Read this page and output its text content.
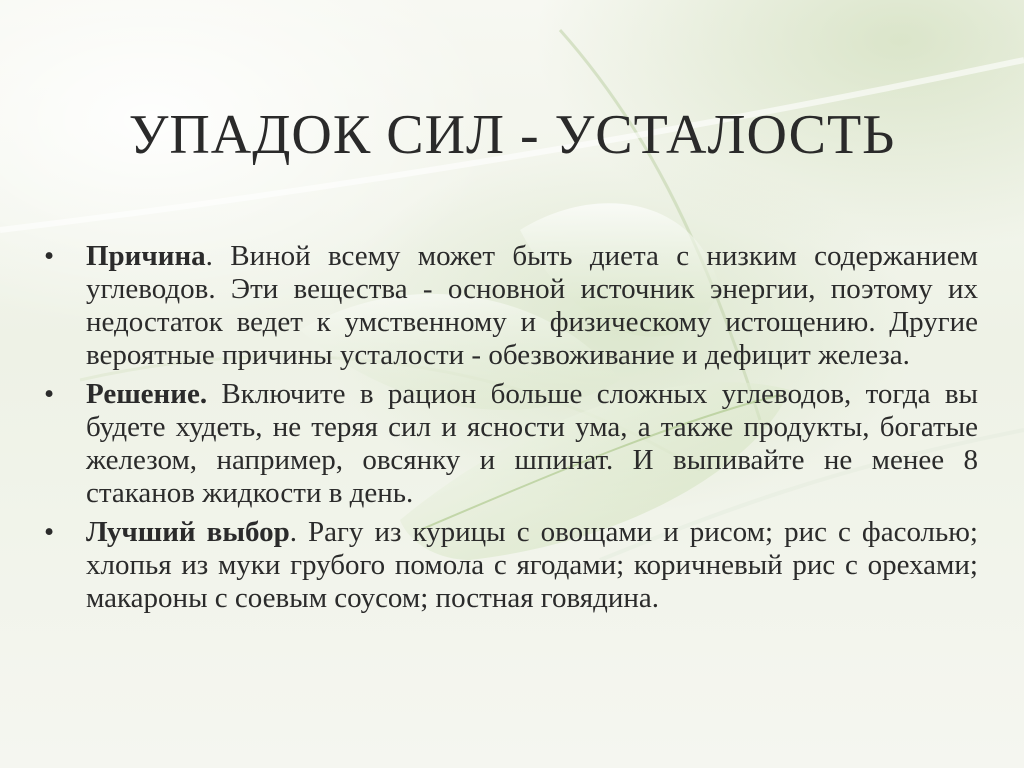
УПАДОК СИЛ - УСТАЛОСТЬ
• Причина. Виной всему может быть диета с низким содержанием углеводов. Эти вещества - основной источник энергии, поэтому их недостаток ведет к умственному и физическому истощению. Другие вероятные причины усталости - обезвоживание и дефицит железа.
• Решение. Включите в рацион больше сложных углеводов, тогда вы будете худеть, не теряя сил и ясности ума, а также продукты, богатые железом, например, овсянку и шпинат. И выпивайте не менее 8 стаканов жидкости в день.
• Лучший выбор. Рагу из курицы с овощами и рисом; рис с фасолью; хлопья из муки грубого помола с ягодами; коричневый рис с орехами; макароны с соевым соусом; постная говядина.
